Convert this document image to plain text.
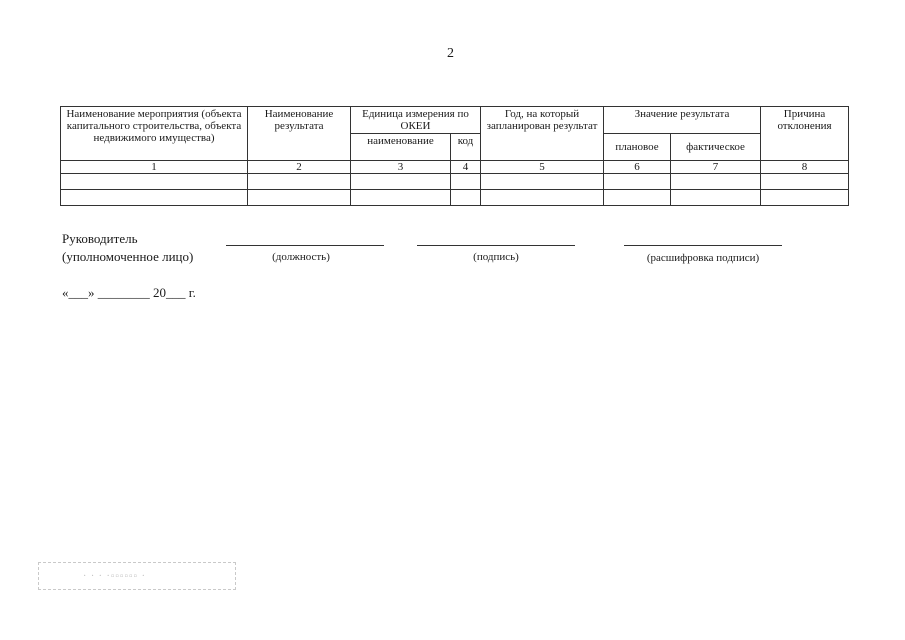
2
Наименование мероприятия (объекта капитального строительства, объекта недвижимого имущества)	Наименование результата	Единица измерения по ОКЕИ		Год, на который запланирован результат	Значение результата		Причина отклонения
		наименование	код		плановое	фактическое	
1	2	3	4	5	6	7	8

Руководитель
(уполномоченное лицо)	(должность)	(подпись)	(расшифровка подписи)
«___» ________ 20___ г.
· · · ·▫▫▫▫▫▫ ·
